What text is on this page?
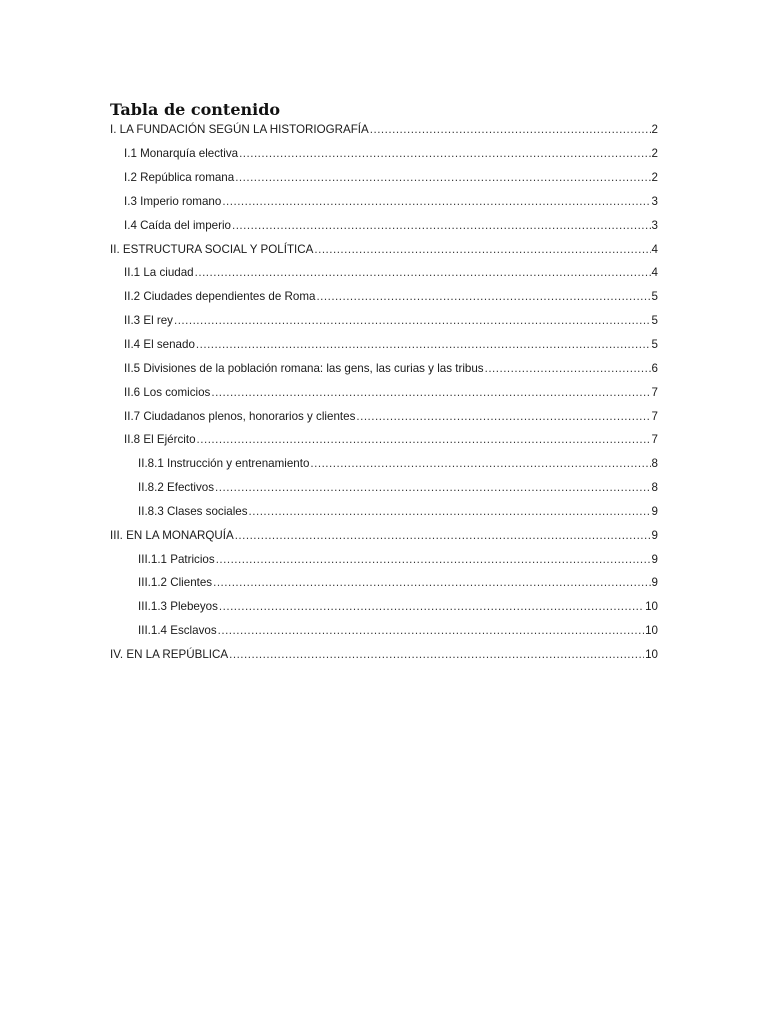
Tabla de contenido
I. LA FUNDACIÓN SEGÚN LA HISTORIOGRAFÍA .....	2
I.1 Monarquía electiva .....	2
I.2 República romana .....	2
I.3 Imperio romano .....	3
I.4 Caída del imperio .....	3
II. ESTRUCTURA SOCIAL Y POLÍTICA .....	4
II.1 La ciudad .....	4
II.2 Ciudades dependientes de Roma .....	5
II.3 El rey .....	5
II.4 El senado .....	5
II.5 Divisiones de la población romana: las gens, las curias y las tribus .....	6
II.6 Los comicios .....	7
II.7 Ciudadanos plenos, honorarios y clientes .....	7
II.8 El Ejército .....	7
II.8.1 Instrucción y entrenamiento .....	8
II.8.2 Efectivos .....	8
II.8.3 Clases sociales .....	9
III. EN LA MONARQUÍA .....	9
III.1.1 Patricios .....	9
III.1.2 Clientes .....	9
III.1.3 Plebeyos .....	10
III.1.4 Esclavos .....	10
IV. EN LA REPÚBLICA .....	10
